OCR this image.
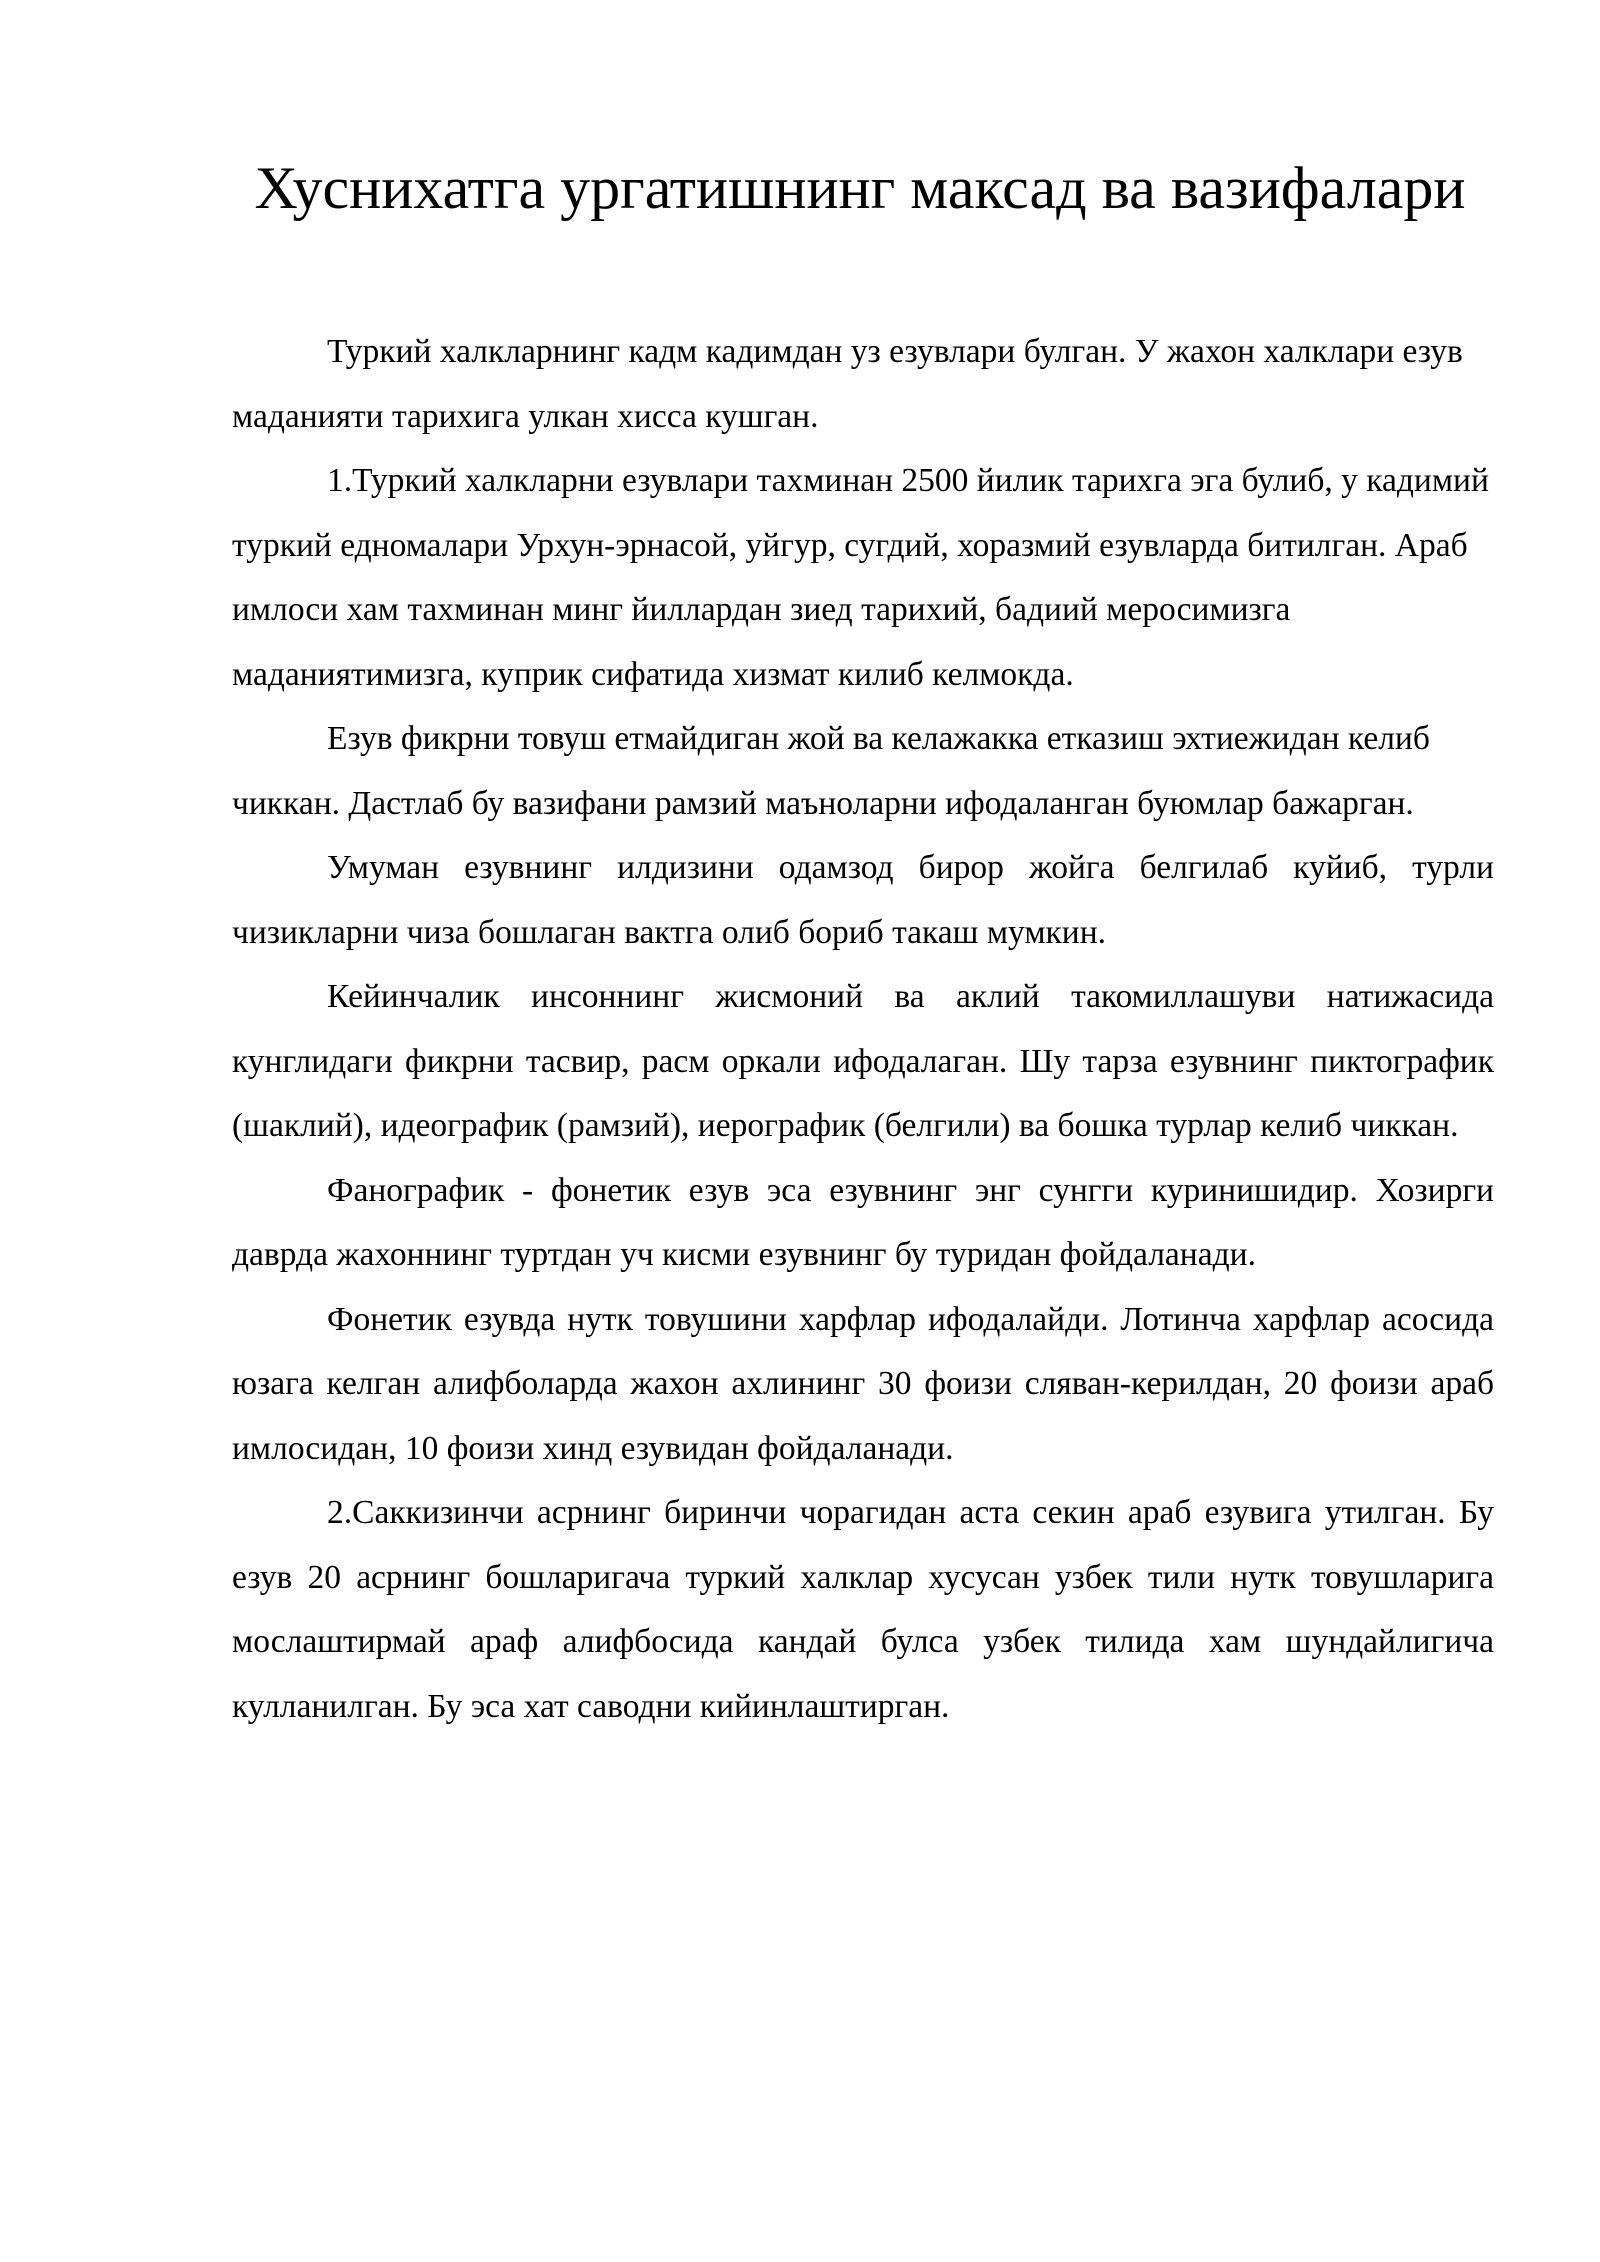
Хуснихатга ургатишнинг максад ва вазифалари

Туркий халкларнинг кадм кадимдан уз езувлари булган. У жахон халклари езув маданияти тарихига улкан хисса кушган.

1.Туркий халкларни езувлари тахминан 2500 йилик тарихга эга булиб, у кадимий туркий едномалари Урхун-эрнасой, уйгур, сугдий, хоразмий езувларда битилган. Араб имлоси хам тахминан минг йиллардан зиед тарихий, бадиий меросимизга маданиятимизга, куприк сифатида хизмат килиб келмокда.

Езув фикрни товуш етмайдиган жой ва келажакка етказиш эхтиежидан келиб чиккан. Дастлаб бу вазифани рамзий маъноларни ифодаланган буюмлар бажарган.

Умуман езувнинг илдизини одамзод бирор жойга белгилаб куйиб, турли чизикларни чиза бошлаган вактга олиб бориб такаш мумкин.

Кейинчалик инсоннинг жисмоний ва аклий такомиллашуви натижасида кунглидаги фикрни тасвир, расм оркали ифодалаган. Шу тарза езувнинг пиктографик (шаклий), идеографик (рамзий), иерографик (белгили) ва бошка турлар келиб чиккан.

Фанографик - фонетик езув эса езувнинг энг сунгги куринишидир. Хозирги даврда жахоннинг туртдан уч кисми езувнинг бу туридан фойдаланади.

Фонетик езувда нутк товушини харфлар ифодалайди. Лотинча харфлар асосида юзага келган алифболарда жахон ахлининг 30 фоизи сляван-керилдан, 20 фоизи араб имлосидан, 10 фоизи хинд езувидан фойдаланади.

2.Саккизинчи асрнинг биринчи чорагидан аста секин араб езувига утилган. Бу езув 20 асрнинг бошларигача туркий халклар хусусан узбек тили нутк товушларига мослаштирмай араф алифбосида кандай булса узбек тилида хам шундайлигича кулланилган. Бу эса хат саводни кийинлаштирган.
